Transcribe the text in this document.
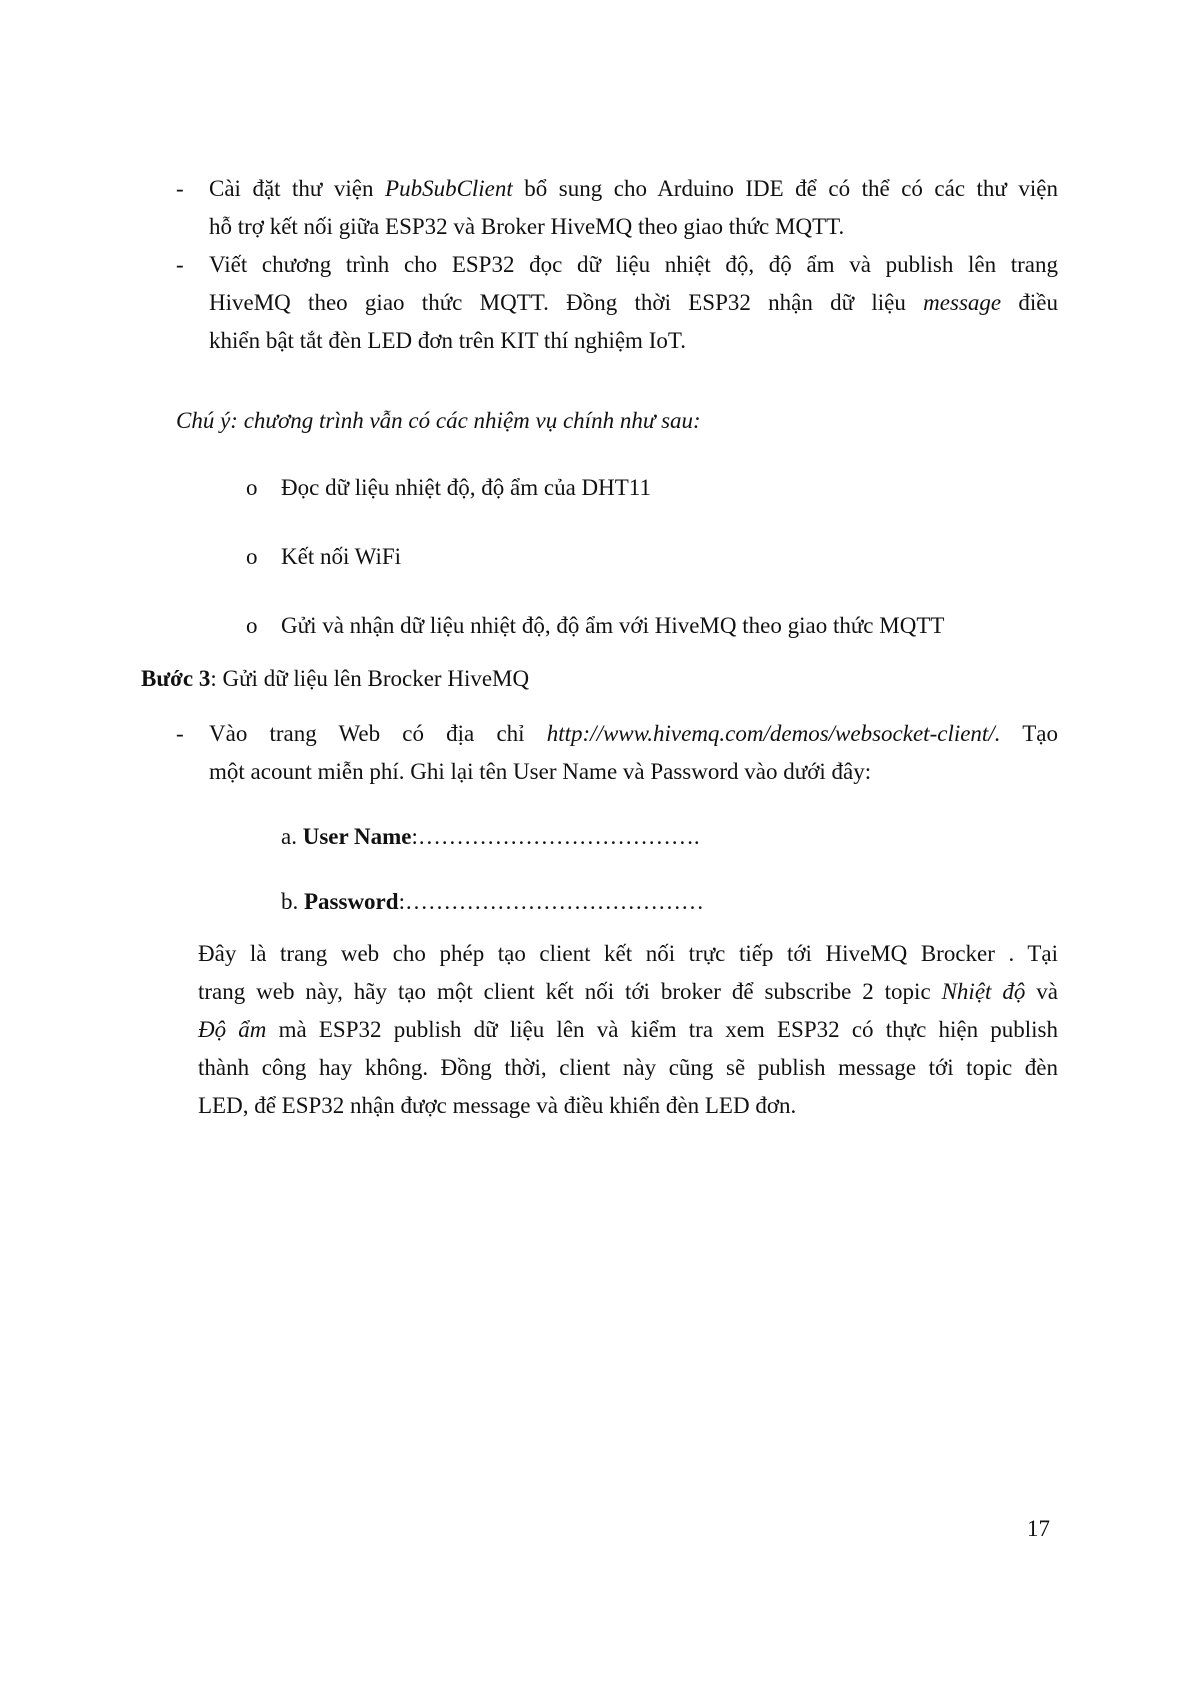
- Cài đặt thư viện PubSubClient bổ sung cho Arduino IDE để có thể có các thư viện
hỗ trợ kết nối giữa ESP32 và Broker HiveMQ theo giao thức MQTT.
- Viết chương trình cho ESP32 đọc dữ liệu nhiệt độ, độ ẩm và publish lên trang
HiveMQ theo giao thức MQTT. Đồng thời ESP32 nhận dữ liệu message điều
khiển bật tắt đèn LED đơn trên KIT thí nghiệm IoT.
Chú ý: chương trình vẫn có các nhiệm vụ chính như sau:
o Đọc dữ liệu nhiệt độ, độ ẩm của DHT11
o Kết nối WiFi
o Gửi và nhận dữ liệu nhiệt độ, độ ẩm với HiveMQ theo giao thức MQTT
Bước 3: Gửi dữ liệu lên Brocker HiveMQ
- Vào trang Web có địa chỉ http://www.hivemq.com/demos/websocket-client/. Tạo
một acount miễn phí. Ghi lại tên User Name và Password vào dưới đây:
a. User Name:……………………………….
b. Password:…………………………………
Đây là trang web cho phép tạo client kết nối trực tiếp tới HiveMQ Brocker . Tại
trang web này, hãy tạo một client kết nối tới broker để subscribe 2 topic Nhiệt độ và
Độ ẩm mà ESP32 publish dữ liệu lên và kiểm tra xem ESP32 có thực hiện publish
thành công hay không. Đồng thời, client này cũng sẽ publish message tới topic đèn
LED, để ESP32 nhận được message và điều khiển đèn LED đơn.
17
